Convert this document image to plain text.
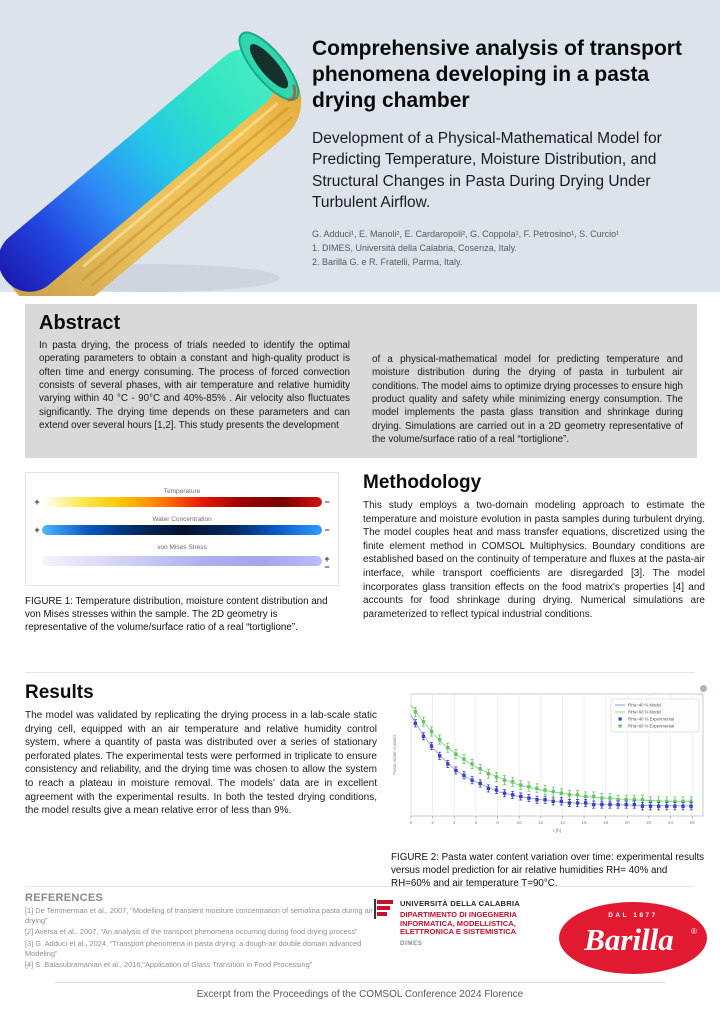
Comprehensive analysis of transport phenomena developing in a pasta drying chamber
Development of a Physical-Mathematical Model for Predicting Temperature, Moisture Distribution, and Structural Changes in Pasta During Drying Under Turbulent Airflow.

G. Adduci¹, E. Manoli², E. Cardaropoli², G. Coppola¹, F. Petrosino¹, S. Curcio¹

1. DIMES, Università della Calabria, Cosenza, Italy.

2. Barilla G. e R. Fratelli, Parma, Italy.

Abstract

In pasta drying, the process of trials needed to identify the optimal operating parameters to obtain a constant and high-quality product is often time and energy consuming. The process of forced convection consists of several phases, with air temperature and relative humidity varying within 40 °C - 90°C and 40%-85% . Air velocity also fluctuates significantly. The drying time depends on these parameters and can extend over several hours [1,2]. This study presents the development

of a physical-mathematical model for predicting temperature and moisture distribution during the drying of pasta in turbulent air conditions. The model aims to optimize drying processes to ensure high product quality and safety while minimizing energy consumption. The model implements the pasta glass transition and shrinkage during drying. Simulations are carried out in a 2D geometry representative of the volume/surface ratio of a real “tortiglione”.

Temperature
+	−
Water Concentration
+	−
von Mises Stress
+
−

FIGURE 1: Temperature distribution, moisture content distribution and von Mises stresses within the sample. The 2D geometry is representative of the volume/surface ratio of a real “tortiglione”.

Methodology

This study employs a two-domain modeling approach to estimate the temperature and moisture evolution in pasta samples during turbulent drying. The model couples heat and mass transfer equations, discretized using the finite element method in COMSOL Multiphysics. Boundary conditions are established based on the continuity of temperature and fluxes at the pasta-air interface, while transport coefficients are disregarded [3]. The model incorporates glass transition effects on the food matrix's properties [4] and accounts for food shrinkage during drying. Numerical simulations are parameterized to reflect typical industrial conditions.

Results

The model was validated by replicating the drying process in a lab-scale static drying cell, equipped with an air temperature and relative humidity control system, where a quantity of pasta was distributed over a series of stationary perforated plates. The experimental tests were performed in triplicate to ensure consistency and reliability, and the drying time was chosen to allow the system to reach a plateau in moisture removal. The models’ data are in excellent agreement with the experimental results. In both the tested drying conditions, the model results give a mean relative error of less than 9%.

0	2	4	6	8	10	12	14	16	18	20	22	24	26
t [h]
Pasta water content
RHa=40 % Model
RHa=60 % Model
RHa=40 % Experimental
RHa=60 % Experimental

FIGURE 2: Pasta water content variation over time: experimental results versus model prediction for air relative humidities RH= 40% and RH=60% and air temperature T=90°C.

REFERENCES

[1] De Temmerman et al., 2007, “Modelling of transient moisture concentration of semolina pasta during air drying”

[2] Aversa et al., 2007, “An analysis of the transport phenomena occurring during food drying process”

[3] G. Adduci et al., 2024, “Transport phenomena in pasta drying: a dough-air double domain advanced Modeling”

[4] S. Balasubramanian et al., 2016,“Application of Glass Transition in Food Processing”

UNIVERSITÀ DELLA CALABRIA
DIPARTIMENTO DI INGEGNERIA INFORMATICA, MODELLISTICA, ELETTRONICA E SISTEMISTICA
DIMES
DAL 1877
Barilla ®
Excerpt from the Proceedings of the COMSOL Conference 2024 Florence
